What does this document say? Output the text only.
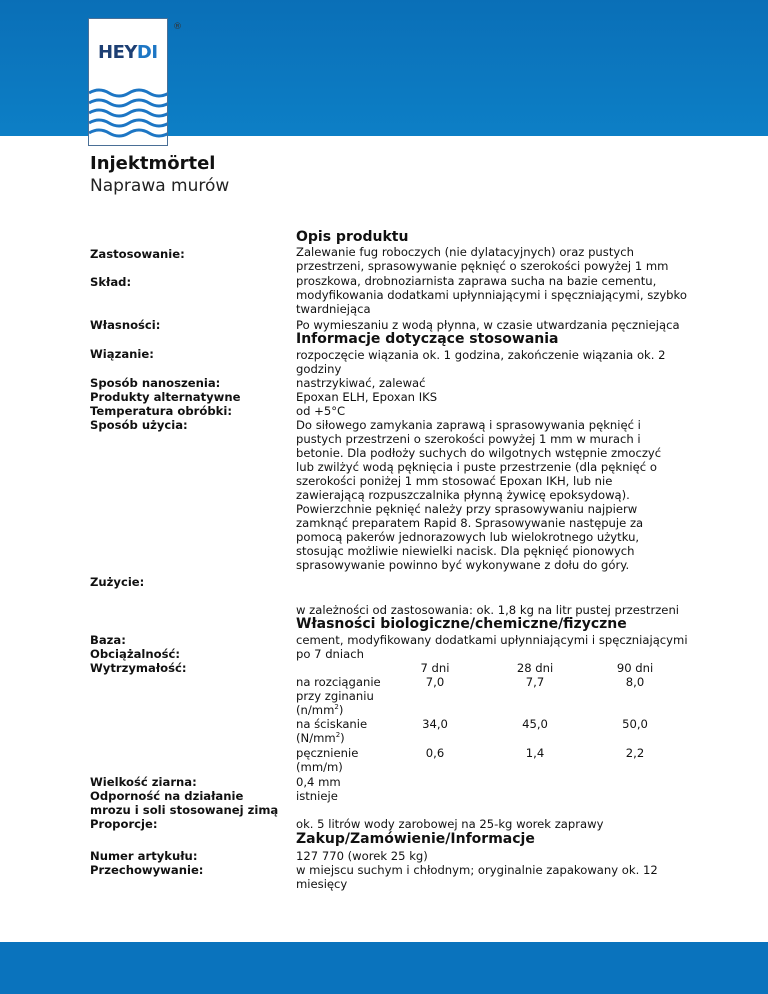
HEYDI
®

Injektmörtel

Naprawa murów

Opis produktu
Zastosowanie:	Zalewanie fug roboczych (nie dylatacyjnych) oraz pustych przestrzeni, sprasowywanie pęknięć o szerokości powyżej 1 mm
Skład:	proszkowa, drobnoziarnista zaprawa sucha na bazie cementu, modyfikowania dodatkami upłynniającymi i spęczniającymi, szybko twardniejąca
Własności:	Po wymieszaniu z wodą płynna, w czasie utwardzania pęczniejąca
Informacje dotyczące stosowania
Wiązanie:	rozpoczęcie wiązania ok. 1 godzina, zakończenie wiązania ok. 2 godziny
Sposób nanoszenia:	nastrzykiwać, zalewać
Produkty alternatywne	Epoxan ELH, Epoxan IKS
Temperatura obróbki:	od +5°C
Sposób użycia:	Do siłowego zamykania zaprawą i sprasowywania pęknięć i pustych przestrzeni o szerokości powyżej 1 mm w murach i betonie. Dla podłoży suchych do wilgotnych wstępnie zmoczyć lub zwilżyć wodą pęknięcia i puste przestrzenie (dla pęknięć o szerokości poniżej 1 mm stosować Epoxan IKH, lub nie zawierającą rozpuszczalnika płynną żywicę epoksydową). Powierzchnie pęknięć należy przy sprasowywaniu najpierw zamknąć preparatem Rapid 8. Sprasowywanie następuje za pomocą pakerów jednorazowych lub wielokrotnego użytku, stosując możliwie niewielki nacisk. Dla pęknięć pionowych sprasowywanie powinno być wykonywane z dołu do góry.
Zużycie:
w zależności od zastosowania: ok. 1,8 kg na litr pustej przestrzeni
Własności biologiczne/chemiczne/fizyczne
Baza:	cement, modyfikowany dodatkami upłynniającymi i spęczniającymi
Obciążalność:	po 7 dniach
Wytrzymałość:	7 dni	28 dni	90 dni
na rozciąganie
przy zginaniu
$(n/mm^2)$
7,0	7,7	8,0
na ściskanie
$(N/mm^2)$
34,0	45,0	50,0
pęcznienie
(mm/m)
0,6	1,4	2,2
Wielkość ziarna:	0,4 mm
Odporność na działanie	istnieje
mrozu i soli stosowanej zimą
Proporcje:	ok. 5 litrów wody zarobowej na 25-kg worek zaprawy
Zakup/Zamówienie/Informacje
Numer artykułu:	127 770 (worek 25 kg)
Przechowywanie:	w miejscu suchym i chłodnym; oryginalnie zapakowany ok. 12 miesięcy
